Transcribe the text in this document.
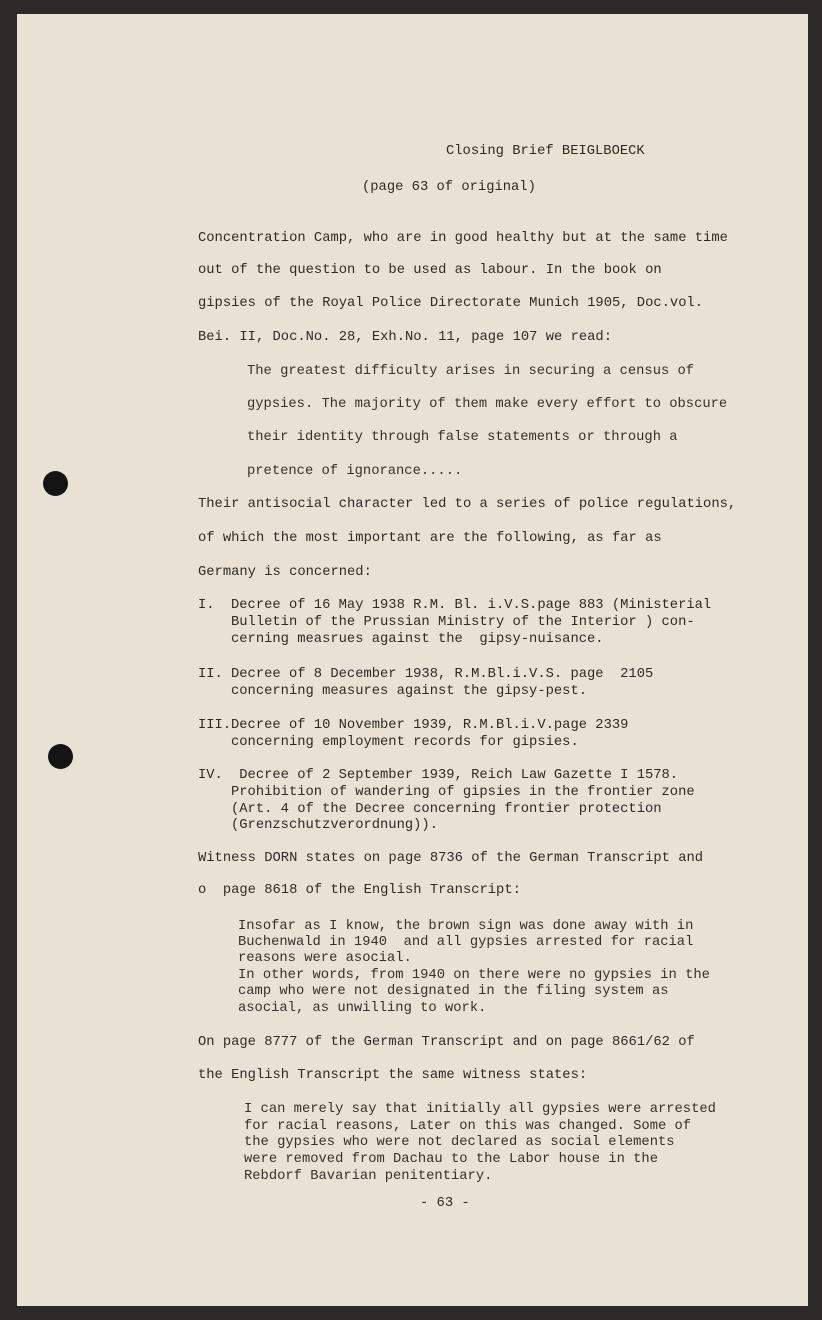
Closing Brief BEIGLBOECK
(page 63 of original)
- 63 -
Concentration Camp, who are in good healthy but at the same time
out of the question to be used as labour. In the book on
gipsies of the Royal Police Directorate Munich 1905, Doc.vol.
Bei. II, Doc.No. 28, Exh.No. 11, page 107 we read:
The greatest difficulty arises in securing a census of
gypsies. The majority of them make every effort to obscure
their identity through false statements or through a
pretence of ignorance.....
Their antisocial character led to a series of police regulations,
of which the most important are the following, as far as
Germany is concerned:
I. Decree of 16 May 1938 R.M. Bl. i.V.S.page 883 (Ministerial
Bulletin of the Prussian Ministry of the Interior ) con-
cerning measrues against the  gipsy-nuisance.
II. Decree of 8 December 1938, R.M.Bl.i.V.S. page  2105
concerning measures against the gipsy-pest.
III. Decree of 10 November 1939, R.M.Bl.i.V.page 2339
concerning employment records for gipsies.
IV. Decree of 2 September 1939, Reich Law Gazette I 1578.
Prohibition of wandering of gipsies in the frontier zone
(Art. 4 of the Decree concerning frontier protection
(Grenzschutzverordnung)).
Witness DORN states on page 8736 of the German Transcript and
o  page 8618 of the English Transcript:
Insofar as I know, the brown sign was done away with in
Buchenwald in 1940  and all gypsies arrested for racial
reasons were asocial.
In other words, from 1940 on there were no gypsies in the
camp who were not designated in the filing system as
asocial, as unwilling to work.
On page 8777 of the German Transcript and on page 8661/62 of
the English Transcript the same witness states:
I can merely say that initially all gypsies were arrested
for racial reasons, Later on this was changed. Some of
the gypsies who were not declared as social elements
were removed from Dachau to the Labor house in the
Rebdorf Bavarian penitentiary.
